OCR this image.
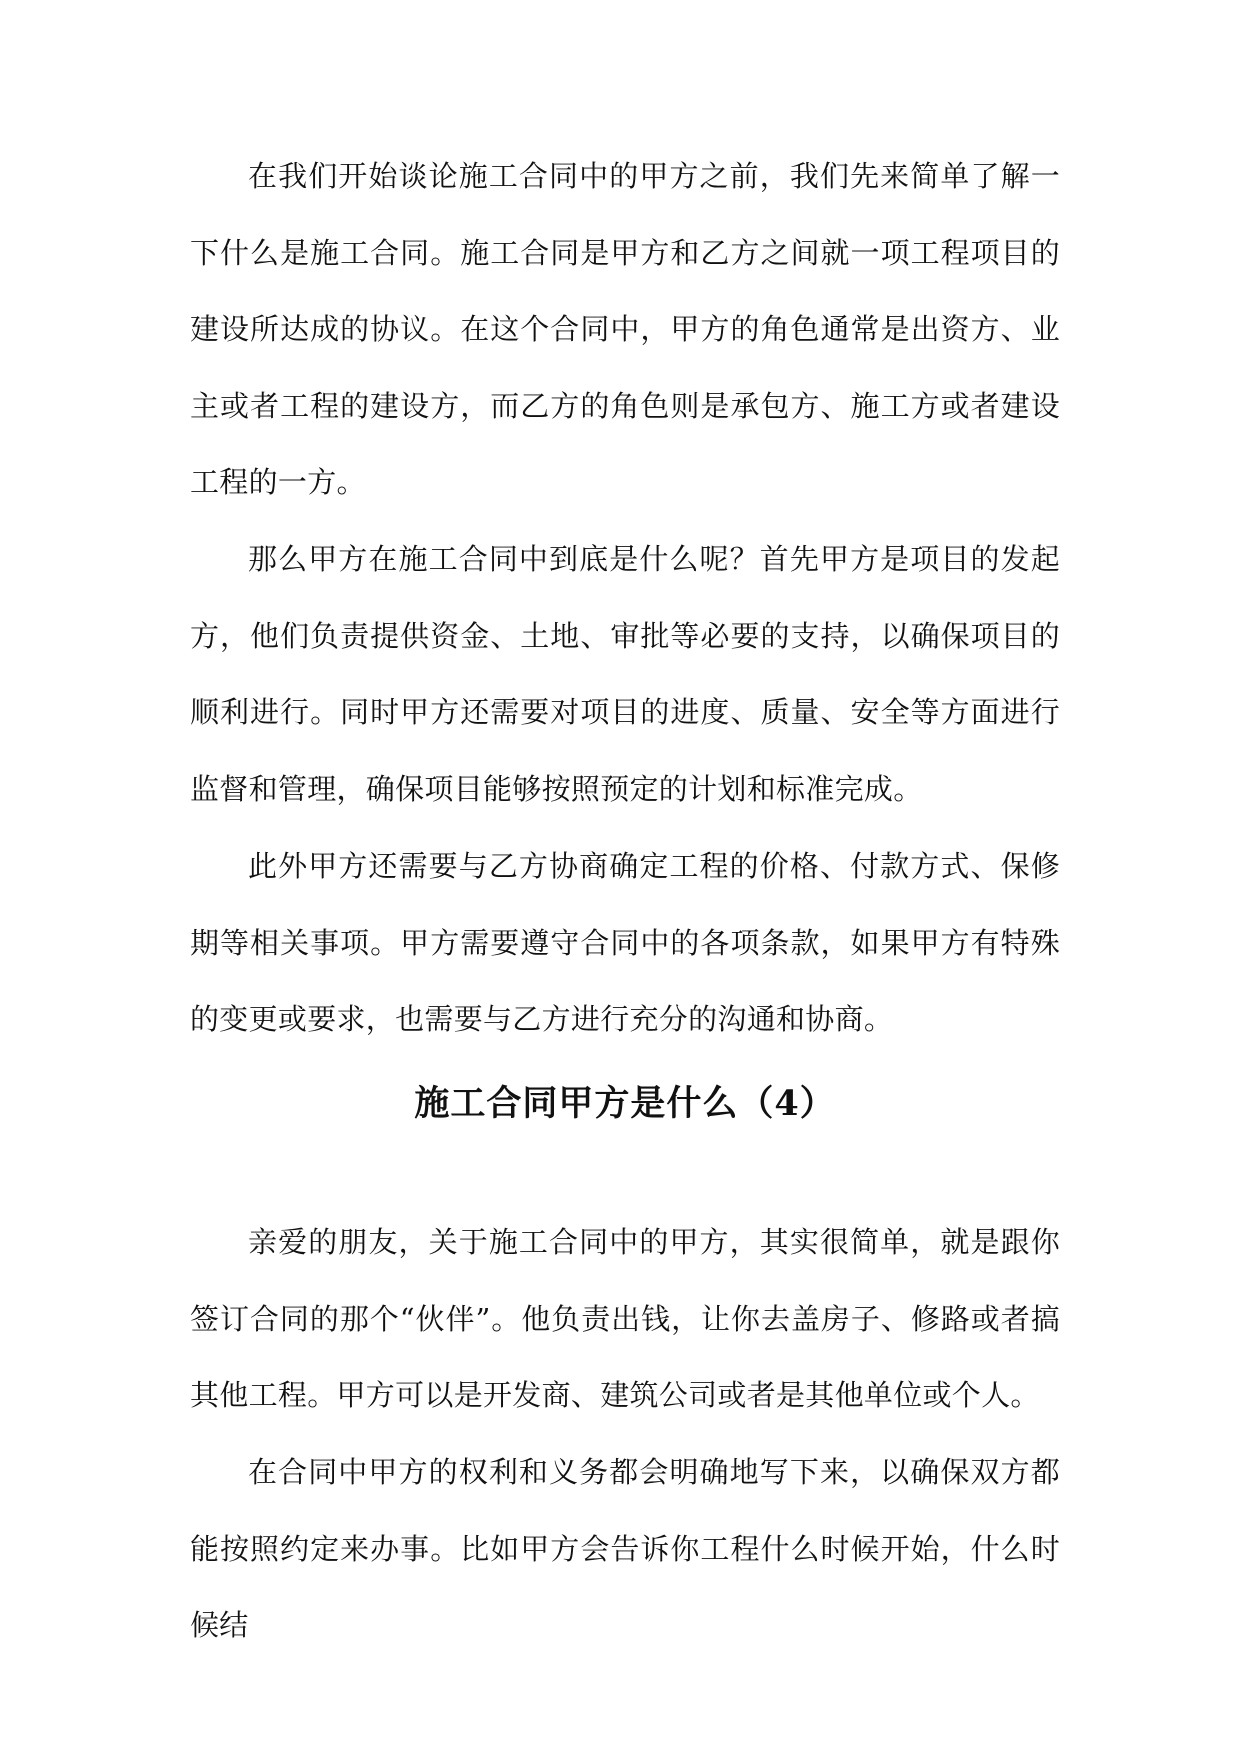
在我们开始谈论施工合同中的甲方之前，我们先来简单了解一下什么是施工合同。施工合同是甲方和乙方之间就一项工程项目的建设所达成的协议。在这个合同中，甲方的角色通常是出资方、业主或者工程的建设方，而乙方的角色则是承包方、施工方或者建设工程的一方。

那么甲方在施工合同中到底是什么呢？首先甲方是项目的发起方，他们负责提供资金、土地、审批等必要的支持，以确保项目的顺利进行。同时甲方还需要对项目的进度、质量、安全等方面进行监督和管理，确保项目能够按照预定的计划和标准完成。

此外甲方还需要与乙方协商确定工程的价格、付款方式、保修期等相关事项。甲方需要遵守合同中的各项条款，如果甲方有特殊的变更或要求，也需要与乙方进行充分的沟通和协商。

施工合同甲方是什么（4）

亲爱的朋友，关于施工合同中的甲方，其实很简单，就是跟你签订合同的那个“伙伴”。他负责出钱，让你去盖房子、修路或者搞其他工程。甲方可以是开发商、建筑公司或者是其他单位或个人。

在合同中甲方的权利和义务都会明确地写下来，以确保双方都能按照约定来办事。比如甲方会告诉你工程什么时候开始，什么时候结
